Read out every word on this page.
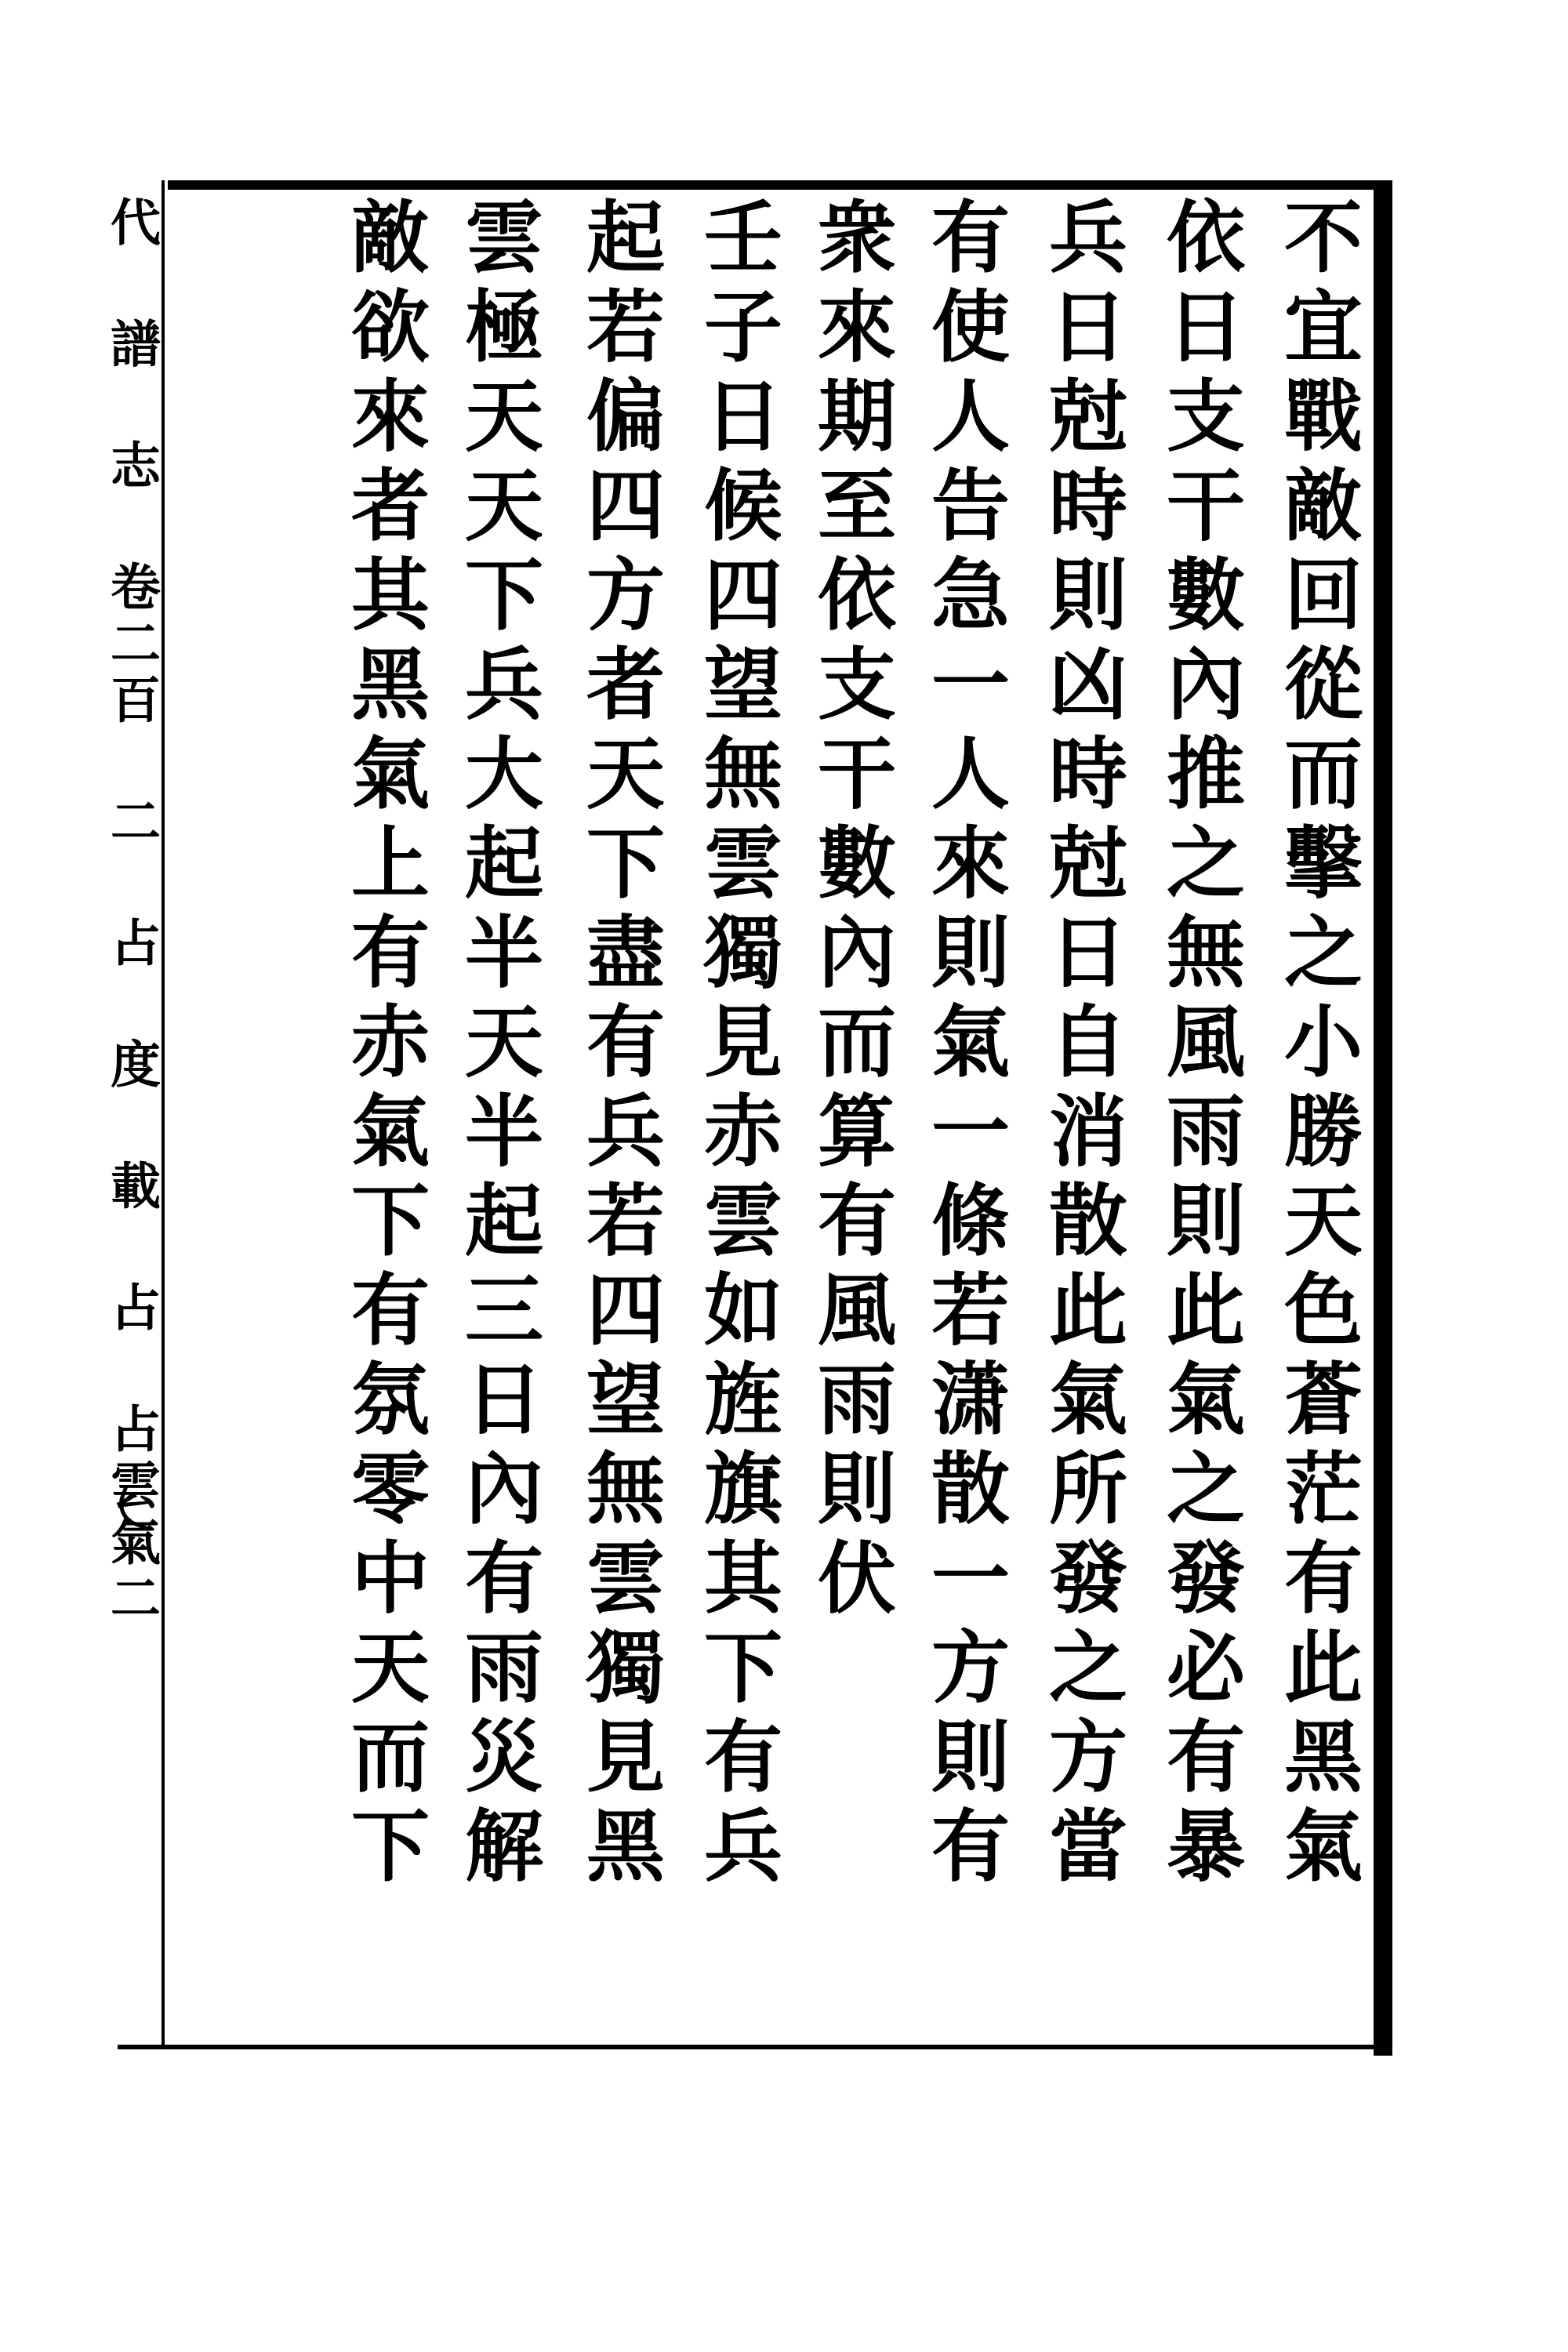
代 譜 志 卷二百 二 占 度 載 占 占雲氣二	不宜戰敵回從而擊之小勝天色蒼茫有此黑氣
依日支干數內推之無風雨則此氣之發必有暴
兵日尅時則凶時尅日自消散此氣所發之方當
有使人告急一人來則氣一條若潇散一方則有
衆來期至依支干數內而算有風雨則伏
壬子日候四望無雲獨見赤雲如旌旗其下有兵
起若偏四方者天下盡有兵若四望無雲獨見黑
雲極天天下兵大起半天半起三日內有雨災解
敵欲來者其黑氣上有赤氣下有氛零中天而下
